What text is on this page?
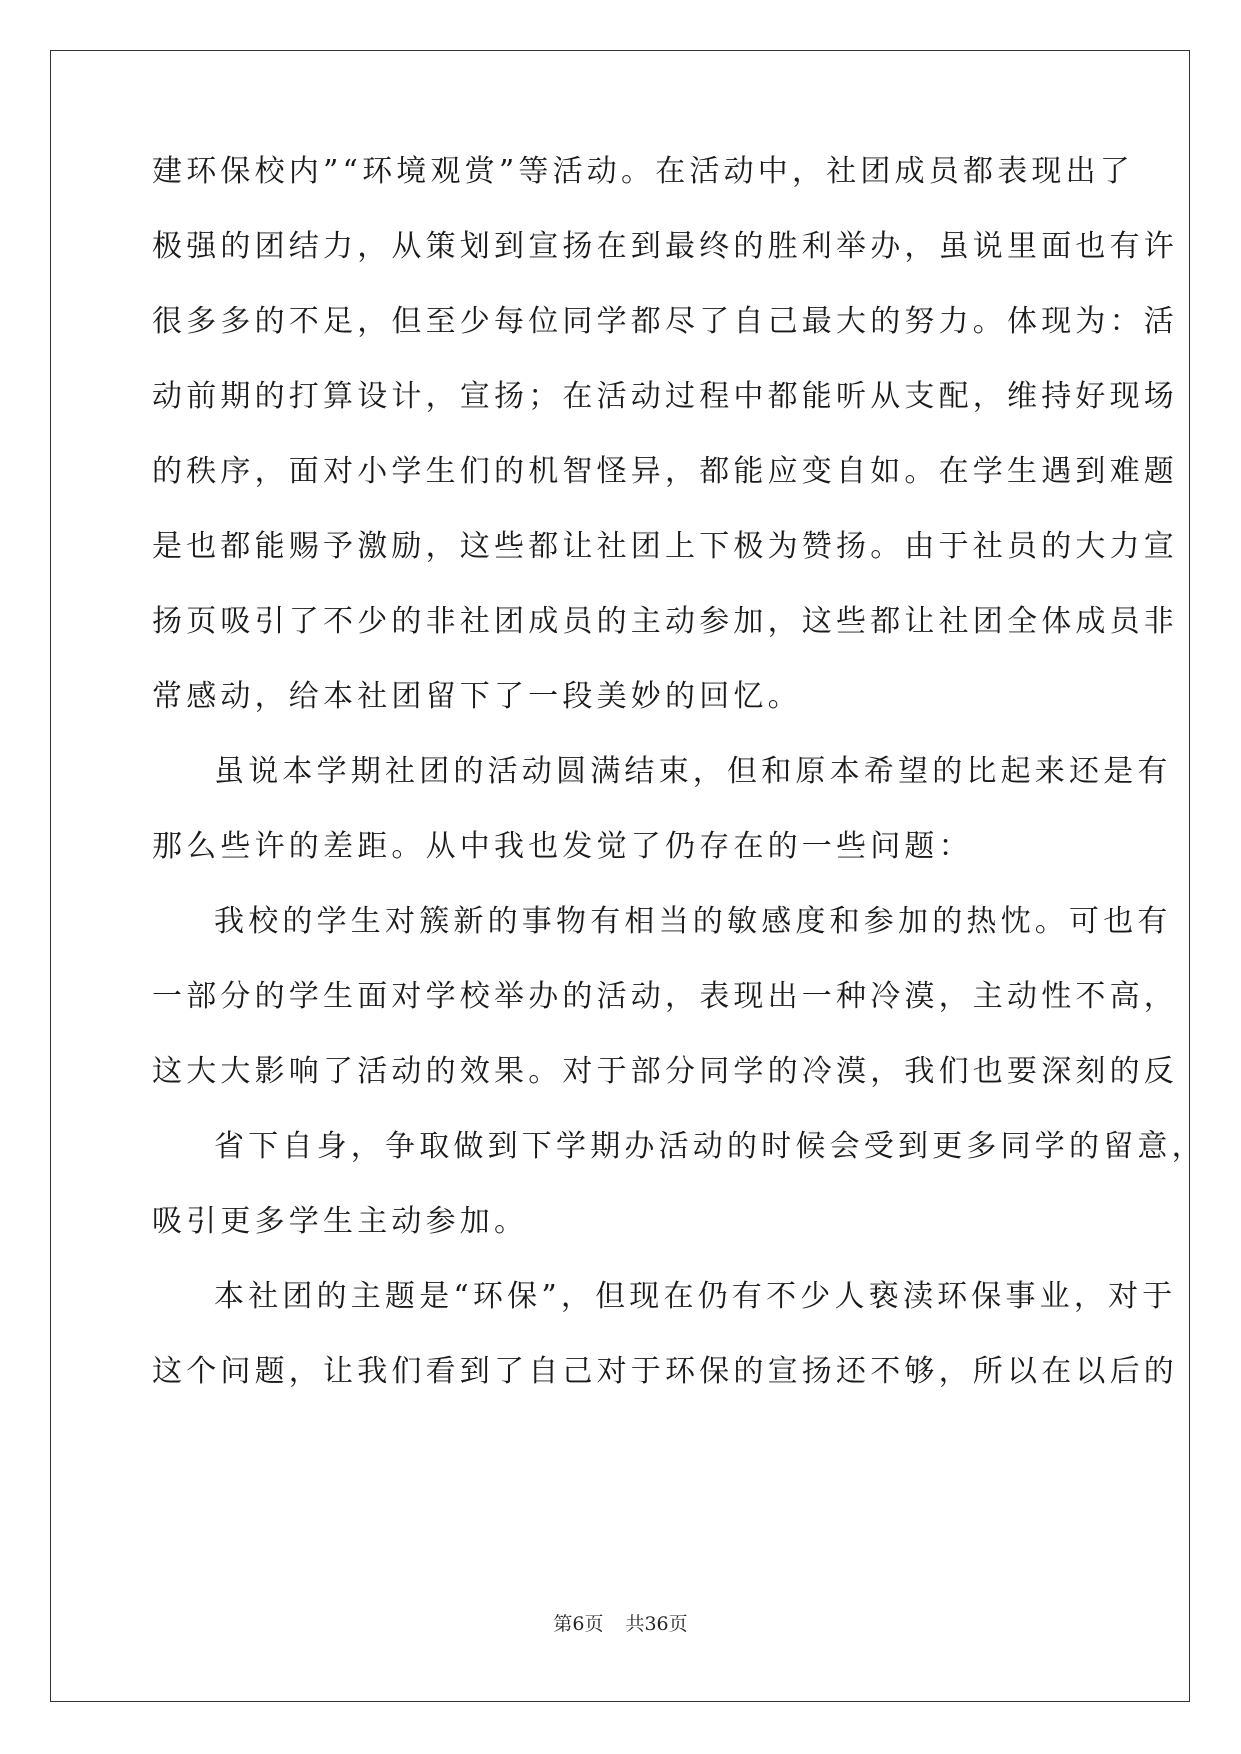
建环保校内”“环境观赏”等活动。在活动中，社团成员都表现出了
极强的团结力，从策划到宣扬在到最终的胜利举办，虽说里面也有许
很多多的不足，但至少每位同学都尽了自己最大的努力。体现为：活
动前期的打算设计，宣扬；在活动过程中都能听从支配，维持好现场
的秩序，面对小学生们的机智怪异，都能应变自如。在学生遇到难题
是也都能赐予激励，这些都让社团上下极为赞扬。由于社员的大力宣
扬页吸引了不少的非社团成员的主动参加，这些都让社团全体成员非
常感动，给本社团留下了一段美妙的回忆。
虽说本学期社团的活动圆满结束，但和原本希望的比起来还是有
那么些许的差距。从中我也发觉了仍存在的一些问题：
我校的学生对簇新的事物有相当的敏感度和参加的热忱。可也有
一部分的学生面对学校举办的活动，表现出一种冷漠，主动性不高，
这大大影响了活动的效果。对于部分同学的冷漠，我们也要深刻的反
省下自身，争取做到下学期办活动的时候会受到更多同学的留意，
吸引更多学生主动参加。
本社团的主题是“环保”，但现在仍有不少人亵渎环保事业，对于
这个问题，让我们看到了自己对于环保的宣扬还不够，所以在以后的
第6页 共36页
